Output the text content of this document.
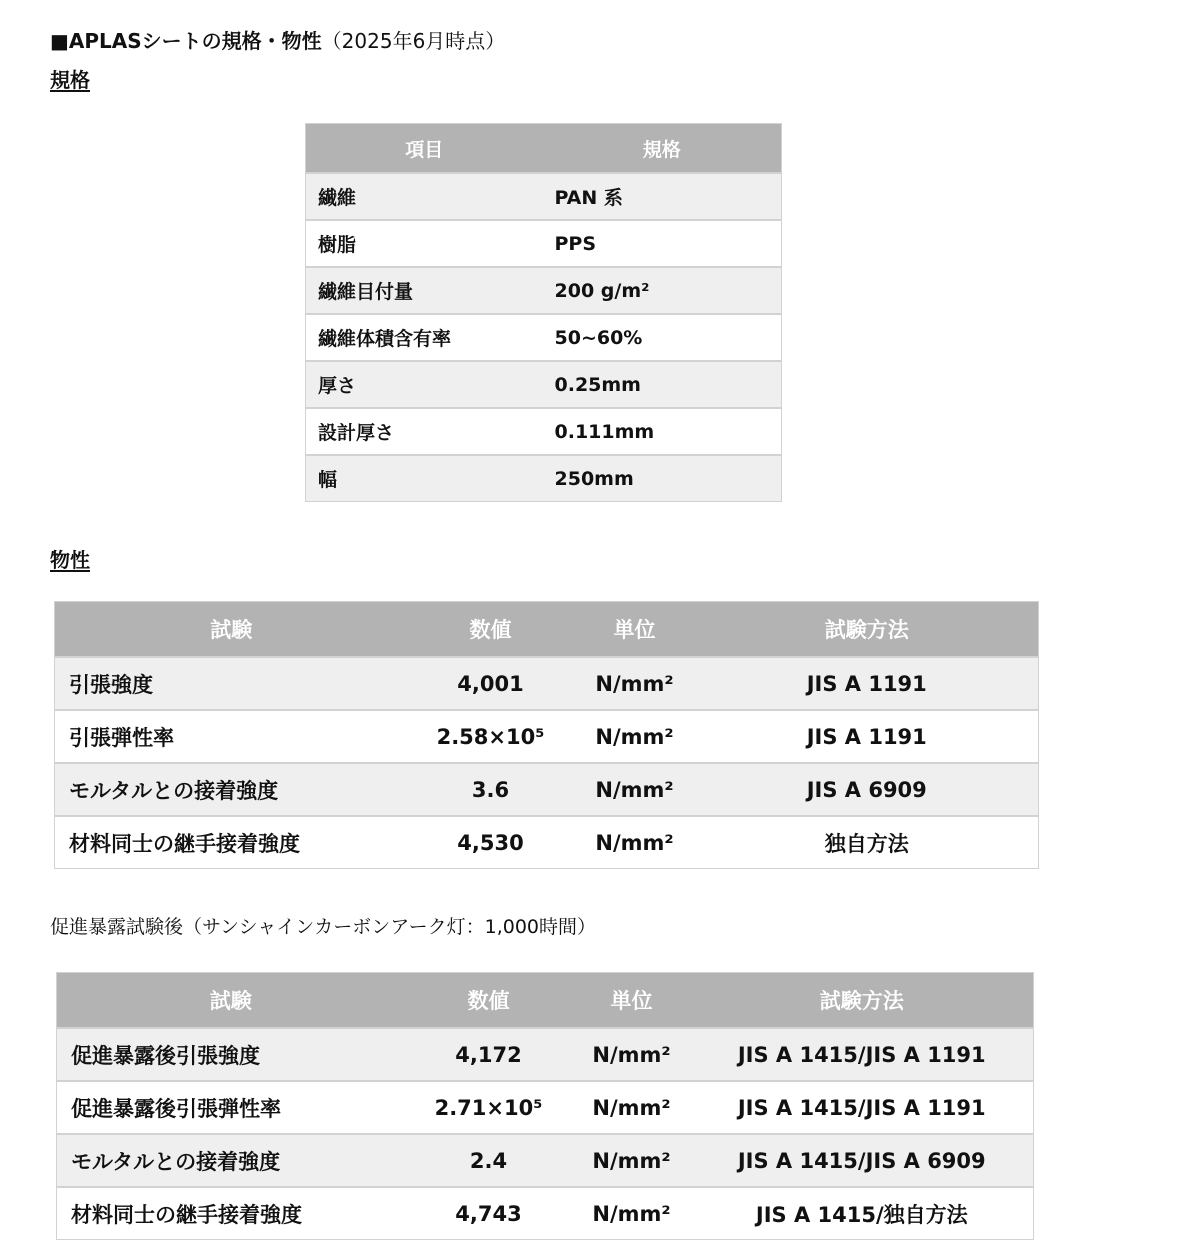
■APLASシートの規格・物性（2025年6月時点）
規格
項目	規格
繊維	PAN 系
樹脂	PPS
繊維目付量	200 g/m²
繊維体積含有率	50~60%
厚さ	0.25mm
設計厚さ	0.111mm
幅	250mm
物性
試験	数値	単位	試験方法
引張強度	4,001	N/mm²	JIS A 1191
引張弾性率	2.58×10⁵	N/mm²	JIS A 1191
モルタルとの接着強度	3.6	N/mm²	JIS A 6909
材料同士の継手接着強度	4,530	N/mm²	独自方法
促進暴露試験後（サンシャインカーボンアーク灯：1,000時間）
試験	数値	単位	試験方法
促進暴露後引張強度	4,172	N/mm²	JIS A 1415/JIS A 1191
促進暴露後引張弾性率	2.71×10⁵	N/mm²	JIS A 1415/JIS A 1191
モルタルとの接着強度	2.4	N/mm²	JIS A 1415/JIS A 6909
材料同士の継手接着強度	4,743	N/mm²	JIS A 1415/独自方法
